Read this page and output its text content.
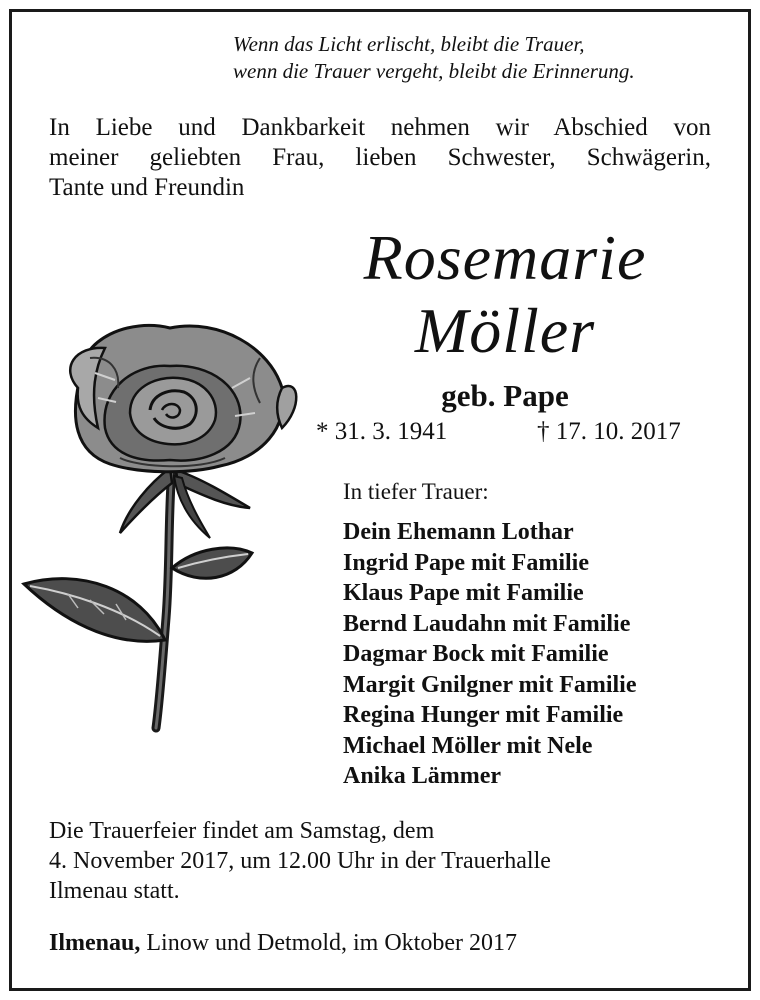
Wenn das Licht erlischt, bleibt die Trauer,
wenn die Trauer vergeht, bleibt die Erinnerung.
In Liebe und Dankbarkeit nehmen wir Abschied von
meiner geliebten Frau, lieben Schwester, Schwägerin,
Tante und Freundin
Rosemarie
Möller
geb. Pape
* 31. 3. 1941	† 17. 10. 2017
In tiefer Trauer:
Dein Ehemann Lothar
Ingrid Pape mit Familie
Klaus Pape mit Familie
Bernd Laudahn mit Familie
Dagmar Bock mit Familie
Margit Gnilgner mit Familie
Regina Hunger mit Familie
Michael Möller mit Nele
Anika Lämmer
Die Trauerfeier findet am Samstag, dem
4. November 2017, um 12.00 Uhr in der Trauerhalle
Ilmenau statt.
Ilmenau, Linow und Detmold, im Oktober 2017
